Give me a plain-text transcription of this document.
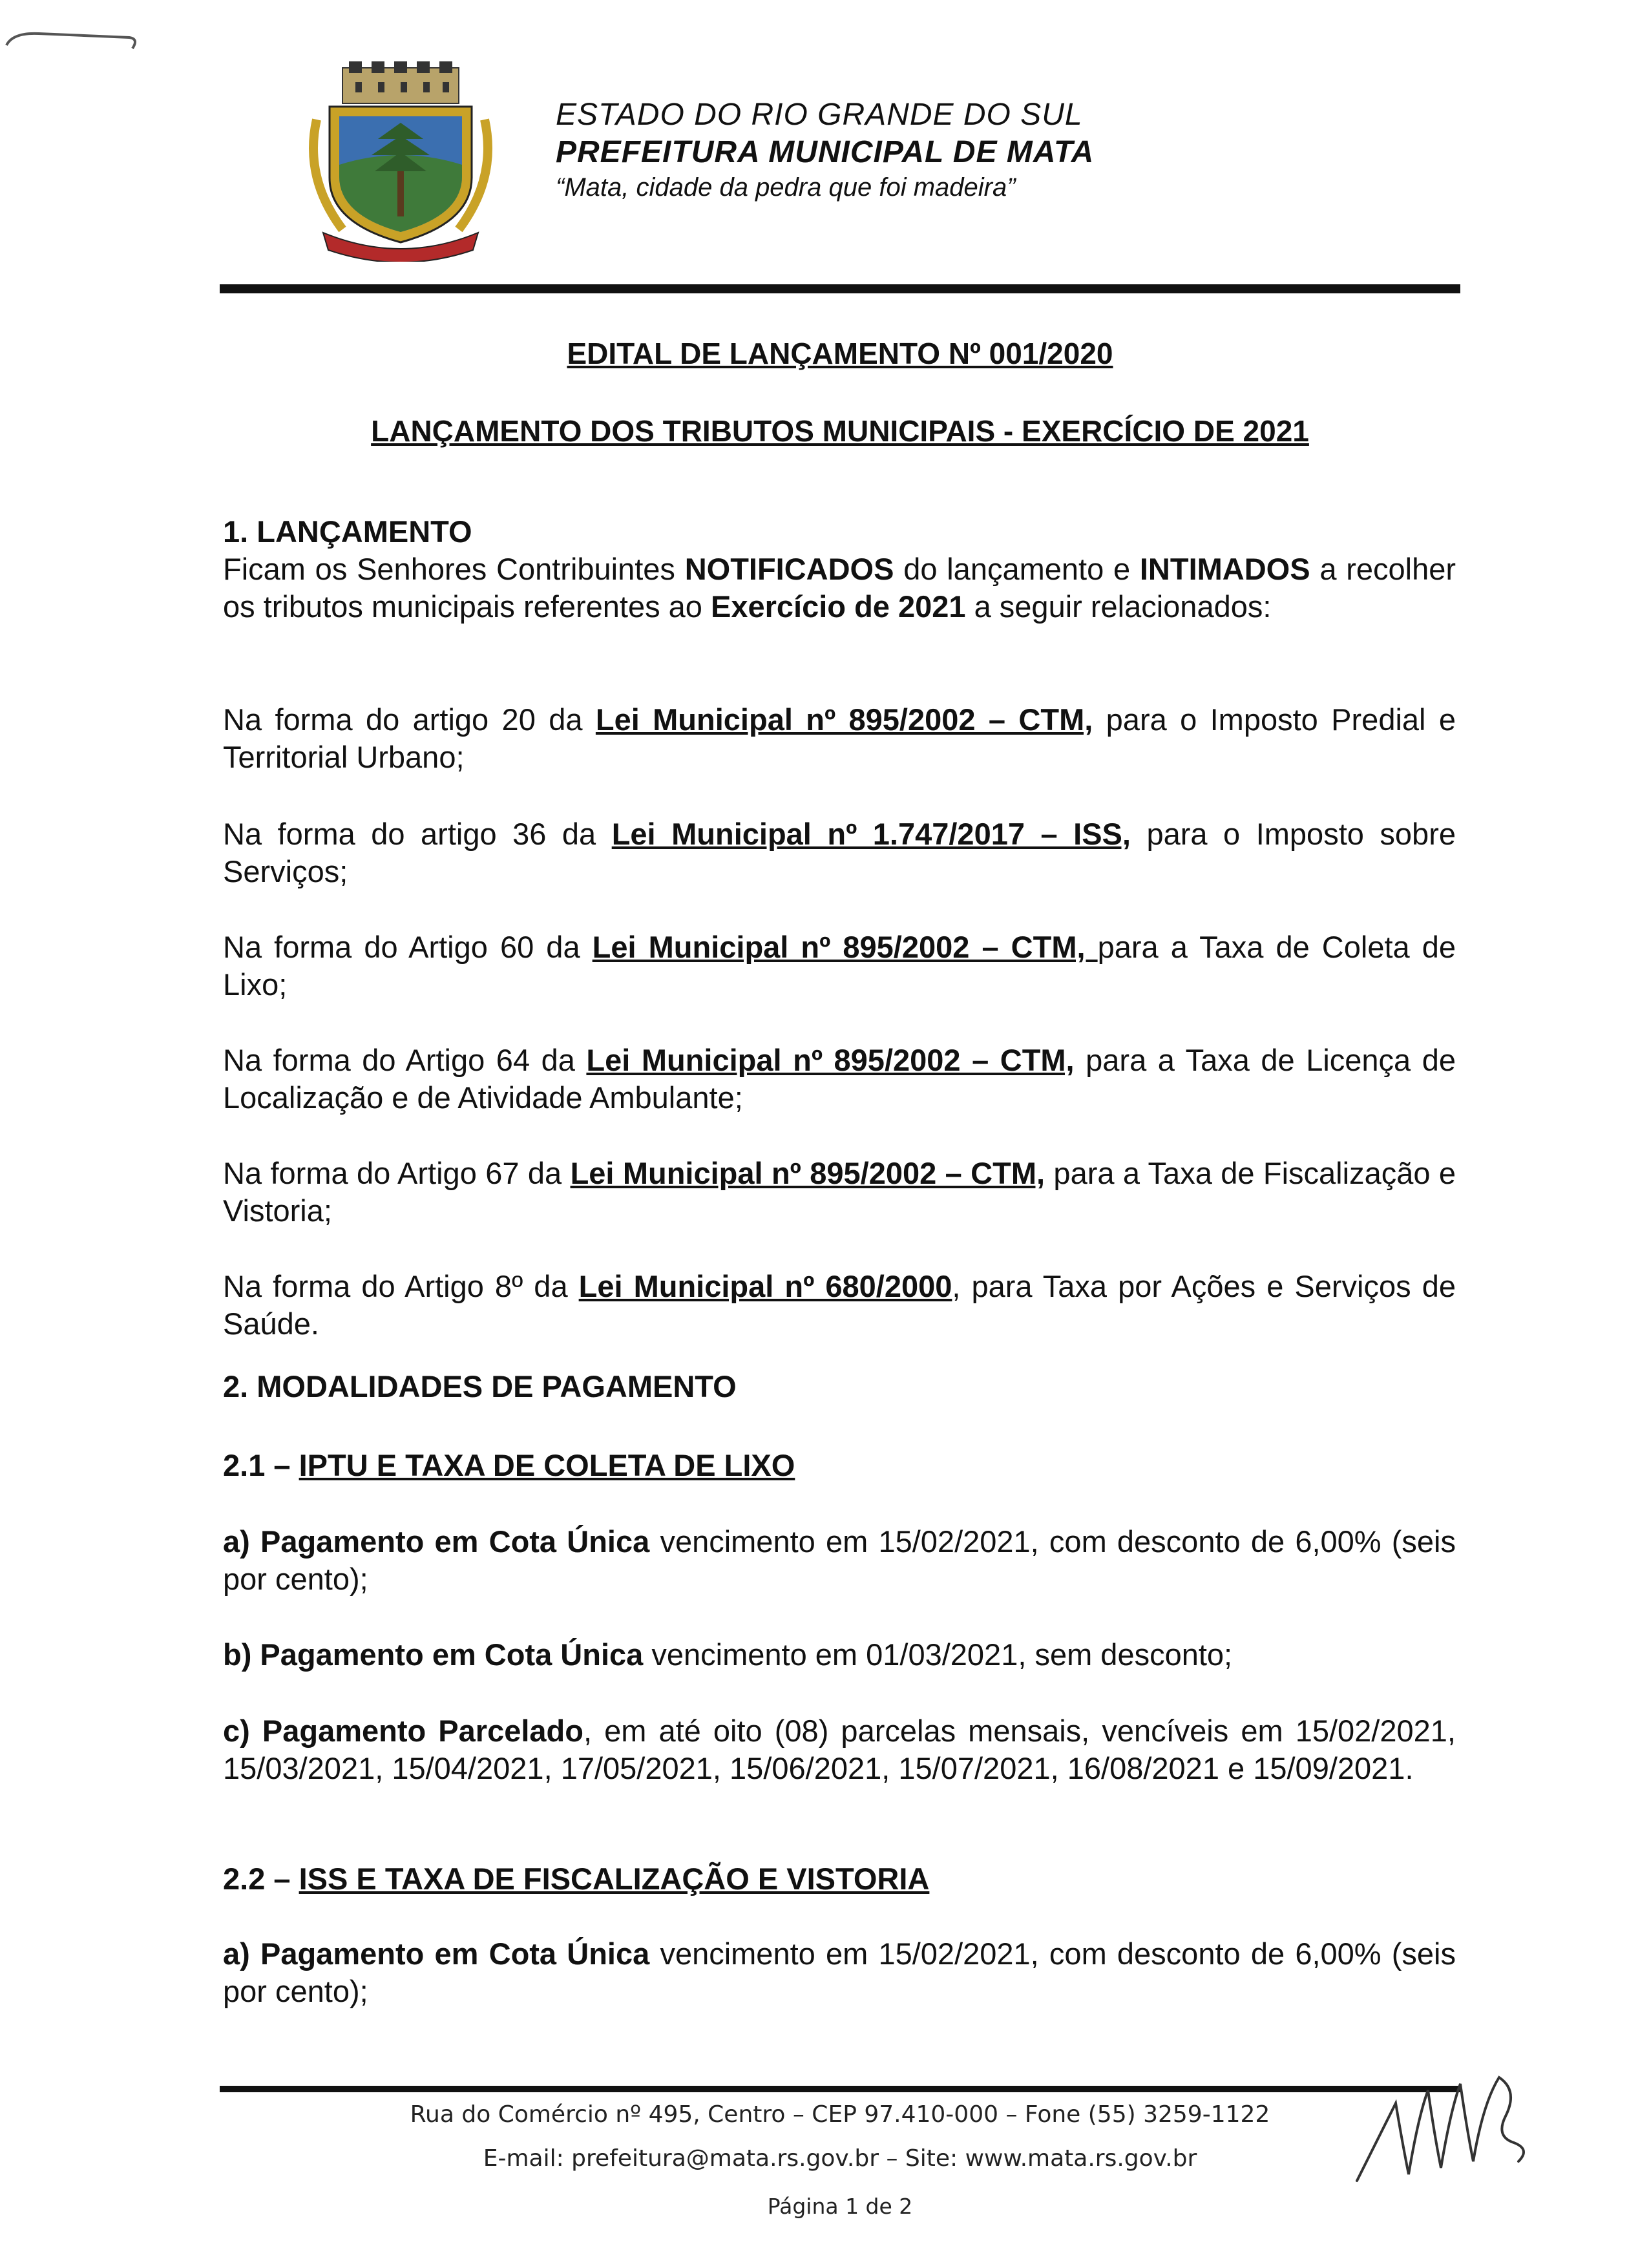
ESTADO DO RIO GRANDE DO SUL
PREFEITURA MUNICIPAL DE MATA
“Mata, cidade da pedra que foi madeira”
EDITAL DE LANÇAMENTO Nº 001/2020
LANÇAMENTO DOS TRIBUTOS MUNICIPAIS - EXERCÍCIO DE 2021
1. LANÇAMENTO
Ficam os Senhores Contribuintes NOTIFICADOS do lançamento e INTIMADOS a recolher os tributos municipais referentes ao Exercício de 2021 a seguir relacionados:
Na forma do artigo 20 da Lei Municipal nº 895/2002 – CTM, para o Imposto Predial e Territorial Urbano;
Na forma do artigo 36 da Lei Municipal nº 1.747/2017 – ISS, para o Imposto sobre Serviços;
Na forma do Artigo 60 da Lei Municipal nº 895/2002 – CTM, para a Taxa de Coleta de Lixo;
Na forma do Artigo 64 da Lei Municipal nº 895/2002 – CTM, para a Taxa de Licença de Localização e de Atividade Ambulante;
Na forma do Artigo 67 da Lei Municipal nº 895/2002 – CTM, para a Taxa de Fiscalização e Vistoria;
Na forma do Artigo 8º da Lei Municipal nº 680/2000, para Taxa por Ações e Serviços de Saúde.
2. MODALIDADES DE PAGAMENTO
2.1 – IPTU E TAXA DE COLETA DE LIXO
a) Pagamento em Cota Única vencimento em 15/02/2021, com desconto de 6,00% (seis por cento);
b) Pagamento em Cota Única vencimento em 01/03/2021, sem desconto;
c) Pagamento Parcelado, em até oito (08) parcelas mensais, vencíveis em 15/02/2021, 15/03/2021, 15/04/2021, 17/05/2021, 15/06/2021, 15/07/2021, 16/08/2021 e 15/09/2021.
2.2 – ISS E TAXA DE FISCALIZAÇÃO E VISTORIA
a) Pagamento em Cota Única vencimento em 15/02/2021, com desconto de 6,00% (seis por cento);
Rua do Comércio nº 495, Centro – CEP 97.410-000 – Fone (55) 3259-1122
E-mail: prefeitura@mata.rs.gov.br – Site: www.mata.rs.gov.br
Página 1 de 2
